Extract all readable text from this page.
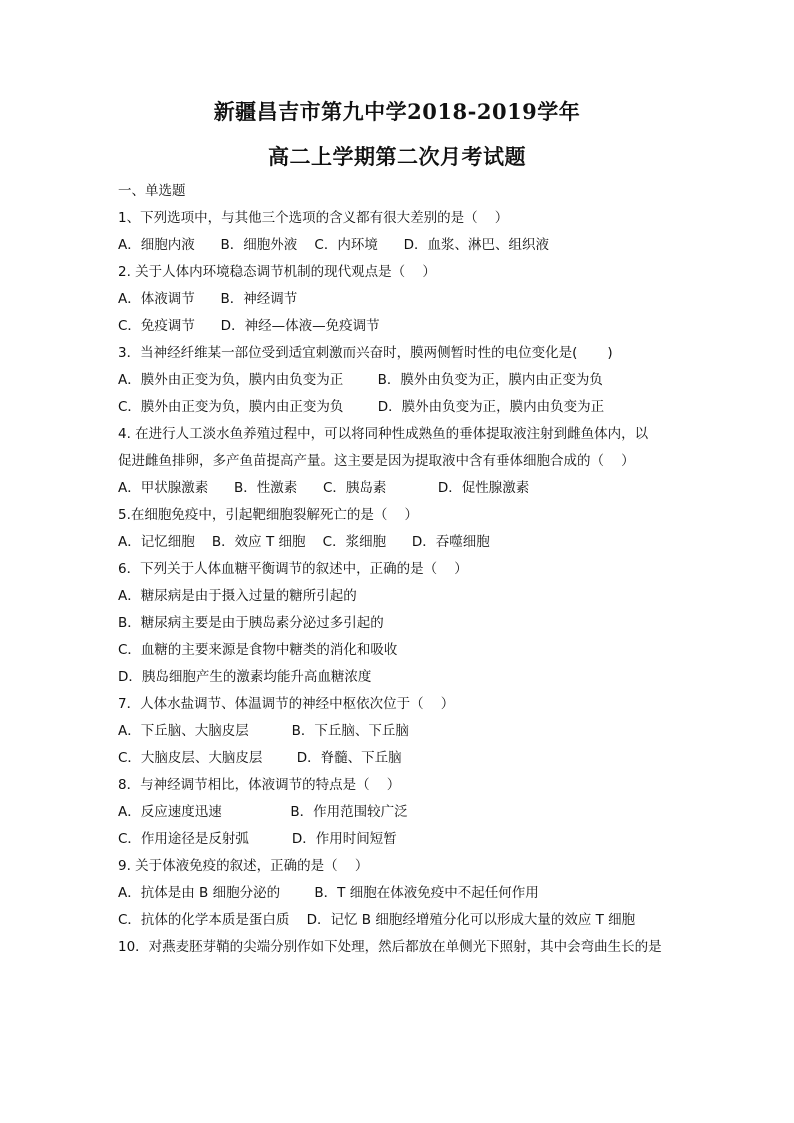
新疆昌吉市第九中学2018-2019学年
高二上学期第二次月考试题
一、单选题
1、下列选项中，与其他三个选项的含义都有很大差别的是（    ）
A．细胞内液      B．细胞外液    C．内环境      D．血浆、淋巴、组织液
2. 关于人体内环境稳态调节机制的现代观点是（    ）
A．体液调节      B．神经调节
C．免疫调节      D．神经—体液—免疫调节
3．当神经纤维某一部位受到适宜刺激而兴奋时，膜两侧暂时性的电位变化是(       )
A．膜外由正变为负，膜内由负变为正        B．膜外由负变为正，膜内由正变为负
C．膜外由正变为负，膜内由正变为负        D．膜外由负变为正，膜内由负变为正
4. 在进行人工淡水鱼养殖过程中，可以将同种性成熟鱼的垂体提取液注射到雌鱼体内，以
促进雌鱼排卵，多产鱼苗提高产量。这主要是因为提取液中含有垂体细胞合成的（    ）
A．甲状腺激素      B．性激素      C．胰岛素            D．促性腺激素
5.在细胞免疫中，引起靶细胞裂解死亡的是（    ）
A．记忆细胞    B．效应 T 细胞    C．浆细胞      D．吞噬细胞
6．下列关于人体血糖平衡调节的叙述中，正确的是（    ）
A．糖尿病是由于摄入过量的糖所引起的
B．糖尿病主要是由于胰岛素分泌过多引起的
C．血糖的主要来源是食物中糖类的消化和吸收
D．胰岛细胞产生的激素均能升高血糖浓度
7．人体水盐调节、体温调节的神经中枢依次位于（    ）
A．下丘脑、大脑皮层          B．下丘脑、下丘脑
C．大脑皮层、大脑皮层        D．脊髓、下丘脑
8．与神经调节相比，体液调节的特点是（    ）
A．反应速度迅速                B．作用范围较广泛
C．作用途径是反射弧          D．作用时间短暂
9. 关于体液免疫的叙述，正确的是（    ）
A．抗体是由 B 细胞分泌的        B．T 细胞在体液免疫中不起任何作用
C．抗体的化学本质是蛋白质    D．记忆 B 细胞经增殖分化可以形成大量的效应 T 细胞
10．对燕麦胚芽鞘的尖端分别作如下处理，然后都放在单侧光下照射，其中会弯曲生长的是
